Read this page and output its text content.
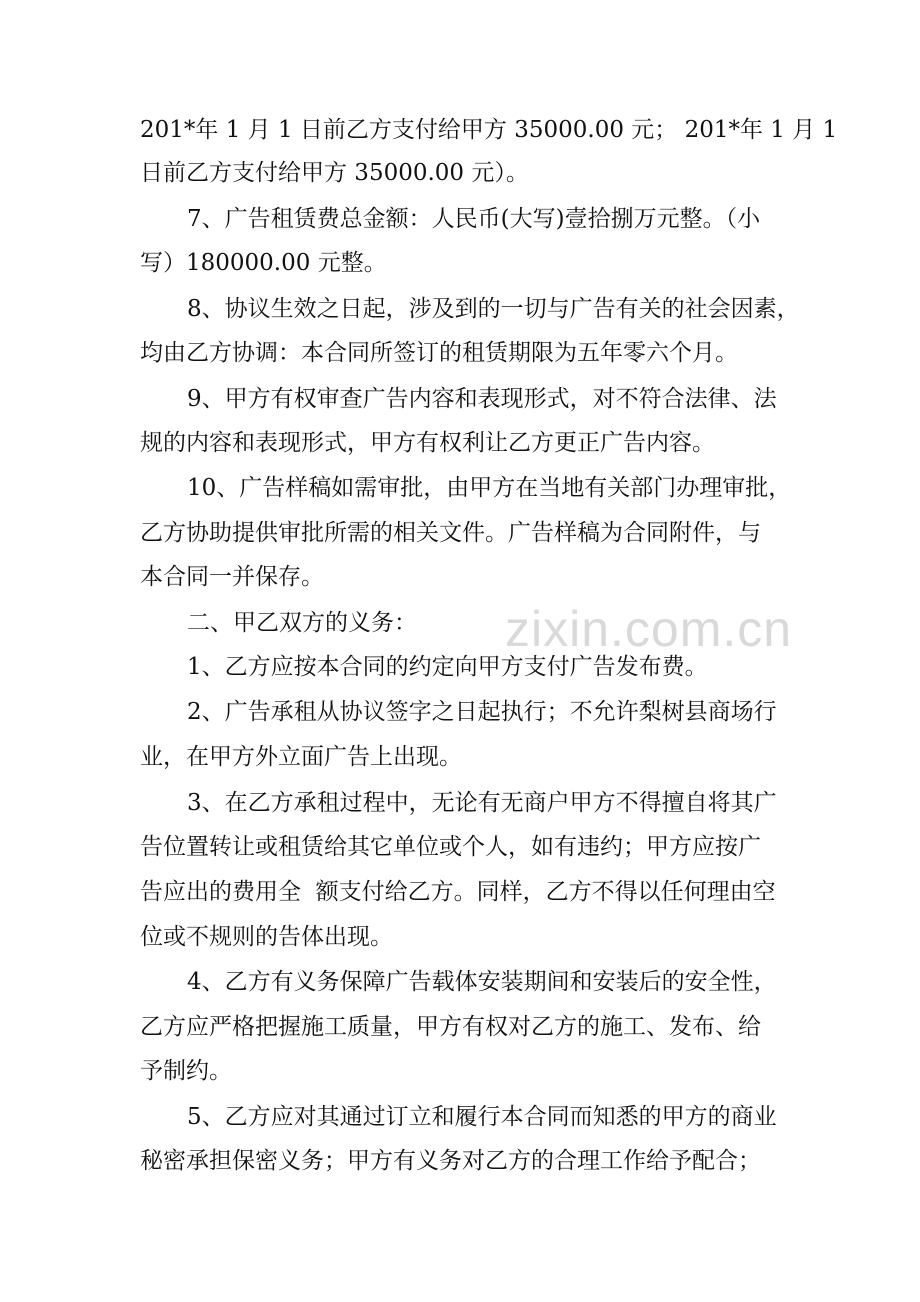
zixin.com.cn
201*年 1 月 1 日前乙方支付给甲方 35000.00 元； 201*年 1 月 1
日前乙方支付给甲方 35000.00 元）。
7、广告租赁费总金额：人民币(大写)壹拾捌万元整。（小
写）180000.00 元整。
8、协议生效之日起，涉及到的一切与广告有关的社会因素，
均由乙方协调：本合同所签订的租赁期限为五年零六个月。
9、甲方有权审查广告内容和表现形式，对不符合法律、法
规的内容和表现形式，甲方有权利让乙方更正广告内容。
10、广告样稿如需审批，由甲方在当地有关部门办理审批，
乙方协助提供审批所需的相关文件。广告样稿为合同附件，与
本合同一并保存。
二、甲乙双方的义务：
1、乙方应按本合同的约定向甲方支付广告发布费。
2、广告承租从协议签字之日起执行；不允许梨树县商场行
业，在甲方外立面广告上出现。
3、在乙方承租过程中，无论有无商户甲方不得擅自将其广
告位置转让或租赁给其它单位或个人，如有违约；甲方应按广
告应出的费用全  额支付给乙方。同样，乙方不得以任何理由空
位或不规则的告体出现。
4、乙方有义务保障广告载体安装期间和安装后的安全性，
乙方应严格把握施工质量，甲方有权对乙方的施工、发布、给
予制约。
5、乙方应对其通过订立和履行本合同而知悉的甲方的商业
秘密承担保密义务；甲方有义务对乙方的合理工作给予配合；
